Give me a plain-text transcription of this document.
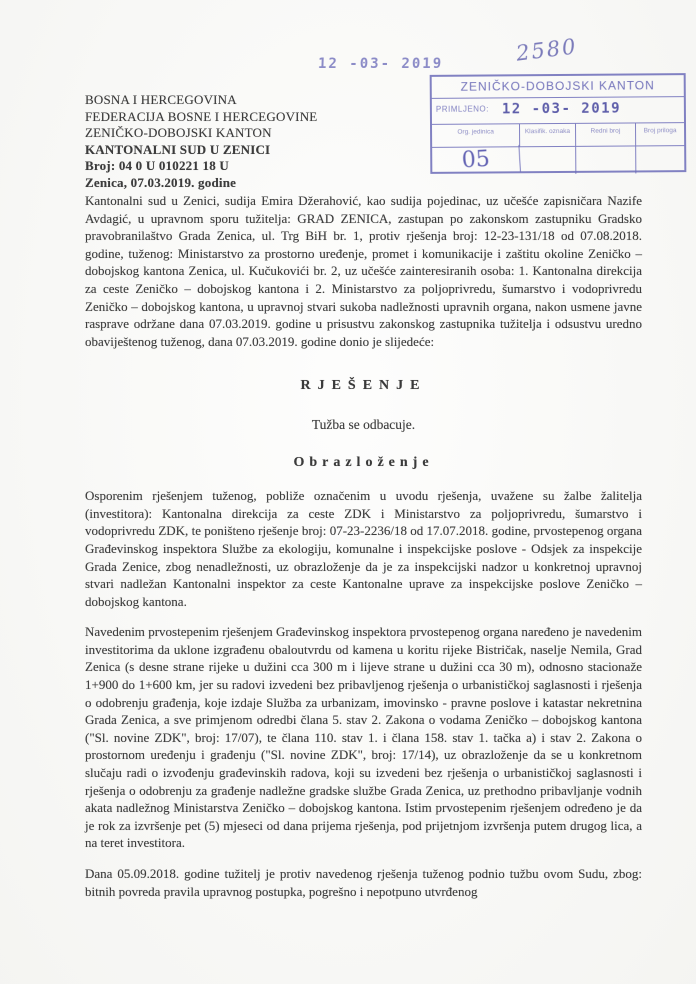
BOSNA I HERCEGOVINA
FEDERACIJA BOSNE I HERCEGOVINE
ZENIČKO-DOBOJSKI KANTON
KANTONALNI SUD U ZENICI
Broj: 04 0 U 010221 18 U
Zenica, 07.03.2019. godine
12 -03- 2019	2580
ZENIČKO-DOBOJSKI KANTON
PRIMLJENO: 12 -03- 2019
Org. jedinica	Klasifik. oznaka	Redni broj	Broj priloga
05

Kantonalni sud u Zenici, sudija Emira Džerahović, kao sudija pojedinac, uz učešće zapisničara Nazife Avdagić, u upravnom sporu tužitelja: GRAD ZENICA, zastupan po zakonskom zastupniku Gradsko pravobranilaštvo Grada Zenica, ul. Trg BiH br. 1, protiv rješenja broj: 12-23-131/18 od 07.08.2018. godine, tuženog: Ministarstvo za prostorno uređenje, promet i komunikacije i zaštitu okoline Zeničko – dobojskog kantona Zenica, ul. Kučukovići br. 2, uz učešće zainteresiranih osoba: 1. Kantonalna direkcija za ceste Zeničko – dobojskog kantona i 2. Ministarstvo za poljoprivredu, šumarstvo i vodoprivredu Zeničko – dobojskog kantona, u upravnoj stvari sukoba nadležnosti upravnih organa, nakon usmene javne rasprave održane dana 07.03.2019. godine u prisustvu zakonskog zastupnika tužitelja i odsustvu uredno obaviještenog tuženog, dana 07.03.2019. godine donio je slijedeće:

RJEŠENJE
Tužba se odbacuje.
Obrazloženje

Osporenim rješenjem tuženog, pobliže označenim u uvodu rješenja, uvažene su žalbe žalitelja (investitora): Kantonalna direkcija za ceste ZDK i Ministarstvo za poljoprivredu, šumarstvo i vodoprivredu ZDK, te poništeno rješenje broj: 07-23-2236/18 od 17.07.2018. godine, prvostepenog organa Građevinskog inspektora Službe za ekologiju, komunalne i inspekcijske poslove - Odsjek za inspekcije Grada Zenice, zbog nenadležnosti, uz obrazloženje da je za inspekcijski nadzor u konkretnoj upravnoj stvari nadležan Kantonalni inspektor za ceste Kantonalne uprave za inspekcijske poslove Zeničko – dobojskog kantona.

Navedenim prvostepenim rješenjem Građevinskog inspektora prvostepenog organa naređeno je navedenim investitorima da uklone izgrađenu obaloutvrdu od kamena u koritu rijeke Bistričak, naselje Nemila, Grad Zenica (s desne strane rijeke u dužini cca 300 m i lijeve strane u dužini cca 30 m), odnosno stacionaže 1+900 do 1+600 km, jer su radovi izvedeni bez pribavljenog rješenja o urbanističkoj saglasnosti i rješenja o odobrenju građenja, koje izdaje Služba za urbanizam, imovinsko - pravne poslove i katastar nekretnina Grada Zenica, a sve primjenom odredbi člana 5. stav 2. Zakona o vodama Zeničko – dobojskog kantona ("Sl. novine ZDK", broj: 17/07), te člana 110. stav 1. i člana 158. stav 1. tačka a) i stav 2. Zakona o prostornom uređenju i građenju ("Sl. novine ZDK", broj: 17/14), uz obrazloženje da se u konkretnom slučaju radi o izvođenju građevinskih radova, koji su izvedeni bez rješenja o urbanističkoj saglasnosti i rješenja o odobrenju za građenje nadležne gradske službe Grada Zenica, uz prethodno pribavljanje vodnih akata nadležnog Ministarstva Zeničko – dobojskog kantona. Istim prvostepenim rješenjem određeno je da je rok za izvršenje pet (5) mjeseci od dana prijema rješenja, pod prijetnjom izvršenja putem drugog lica, a na teret investitora.

Dana 05.09.2018. godine tužitelj je protiv navedenog rješenja tuženog podnio tužbu ovom Sudu, zbog: bitnih povreda pravila upravnog postupka, pogrešno i nepotpuno utvrđenog
